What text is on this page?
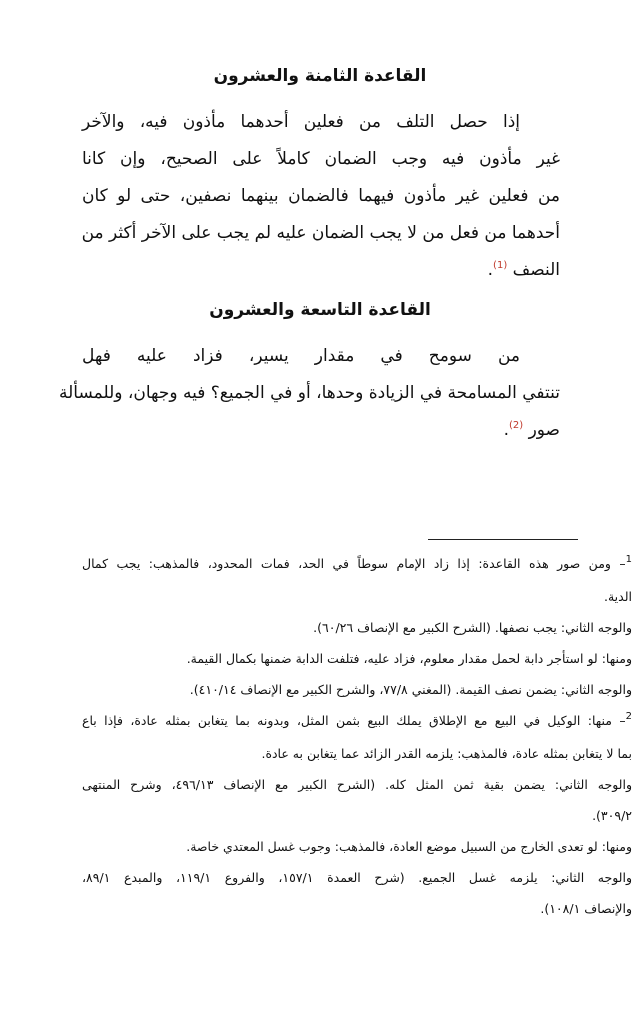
القاعدة الثامنة والعشرون
إذا حصل التلف من فعلين أحدهما مأذون فيه، والآخر
غير مأذون فيه وجب الضمان كاملاً على الصحيح، وإن كانا
من فعلين غير مأذون فيهما فالضمان بينهما نصفين، حتى لو كان
أحدهما من فعل من لا يجب الضمان عليه لم يجب على الآخر أكثر من
النصف $^{(1)}$.
القاعدة التاسعة والعشرون
من سومح في مقدار يسير، فزاد عليه فهل
تنتفي المسامحة في الزيادة وحدها، أو في الجميع؟ فيه وجهان، وللمسألة
صور $^{(2)}$.
$^1$– ومن صور هذه القاعدة: إذا زاد الإمام سوطاً في الحد، فمات المحدود، فالمذهب: يجب كمال
الدية.
والوجه الثاني: يجب نصفها. (الشرح الكبير مع الإنصاف ٦٠/٢٦).
ومنها: لو استأجر دابة لحمل مقدار معلوم، فزاد عليه، فتلفت الدابة ضمنها بكمال القيمة.
والوجه الثاني: يضمن نصف القيمة. (المغني ٧٧/٨، والشرح الكبير مع الإنصاف ٤١٠/١٤).
$^2$– منها: الوكيل في البيع مع الإطلاق يملك البيع بثمن المثل، وبدونه بما يتغابن بمثله عادة، فإذا باع
بما لا يتغابن بمثله عادة، فالمذهب: يلزمه القدر الزائد عما يتغابن به عادة.
والوجه الثاني: يضمن بقية ثمن المثل كله. (الشرح الكبير مع الإنصاف ٤٩٦/١٣، وشرح المنتهى
٣٠٩/٢).
ومنها: لو تعدى الخارج من السبيل موضع العادة، فالمذهب: وجوب غسل المعتدي خاصة.
والوجه الثاني: يلزمه غسل الجميع. (شرح العمدة ١٥٧/١، والفروع ١١٩/١، والمبدع ٨٩/١،
والإنصاف ١٠٨/١).
